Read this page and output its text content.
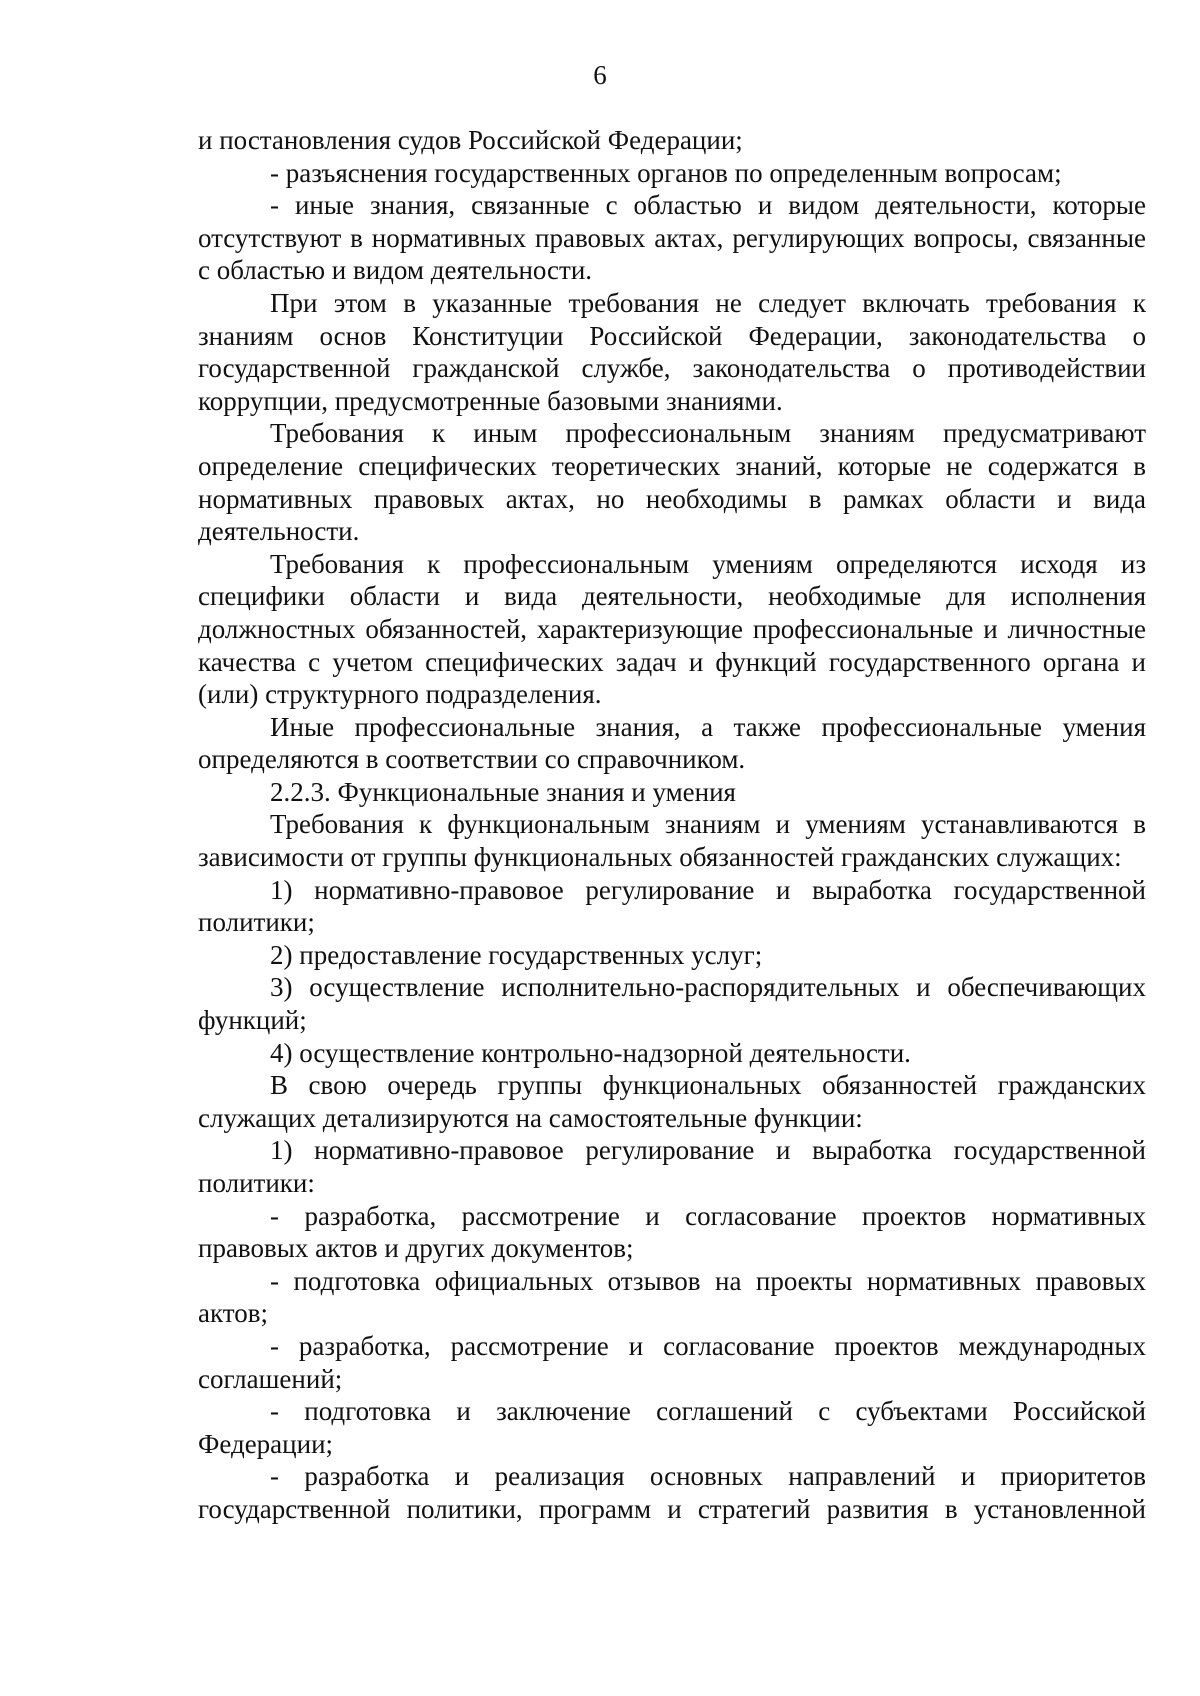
6

и постановления судов Российской Федерации;

- разъяснения государственных органов по определенным вопросам;

- иные знания, связанные с областью и видом деятельности, которые отсутствуют в нормативных правовых актах, регулирующих вопросы, связанные с областью и видом деятельности.

При этом в указанные требования не следует включать требования к знаниям основ Конституции Российской Федерации, законодательства о государственной гражданской службе, законодательства о противодействии коррупции, предусмотренные базовыми знаниями.

Требования к иным профессиональным знаниям предусматривают определение специфических теоретических знаний, которые не содержатся в нормативных правовых актах, но необходимы в рамках области и вида деятельности.

Требования к профессиональным умениям определяются исходя из специфики области и вида деятельности, необходимые для исполнения должностных обязанностей, характеризующие профессиональные и личностные качества с учетом специфических задач и функций государственного органа и (или) структурного подразделения.

Иные профессиональные знания, а также профессиональные умения определяются в соответствии со справочником.

2.2.3. Функциональные знания и умения

Требования к функциональным знаниям и умениям устанавливаются в зависимости от группы функциональных обязанностей гражданских служащих:

1) нормативно-правовое регулирование и выработка государственной политики;

2) предоставление государственных услуг;

3) осуществление исполнительно-распорядительных и обеспечивающих функций;

4) осуществление контрольно-надзорной деятельности.

В свою очередь группы функциональных обязанностей гражданских служащих детализируются на самостоятельные функции:

1) нормативно-правовое регулирование и выработка государственной политики:

- разработка, рассмотрение и согласование проектов нормативных правовых актов и других документов;

- подготовка официальных отзывов на проекты нормативных правовых актов;

- разработка, рассмотрение и согласование проектов международных соглашений;

- подготовка и заключение соглашений с субъектами Российской Федерации;

- разработка и реализация основных направлений и приоритетов государственной политики, программ и стратегий развития в установленной
